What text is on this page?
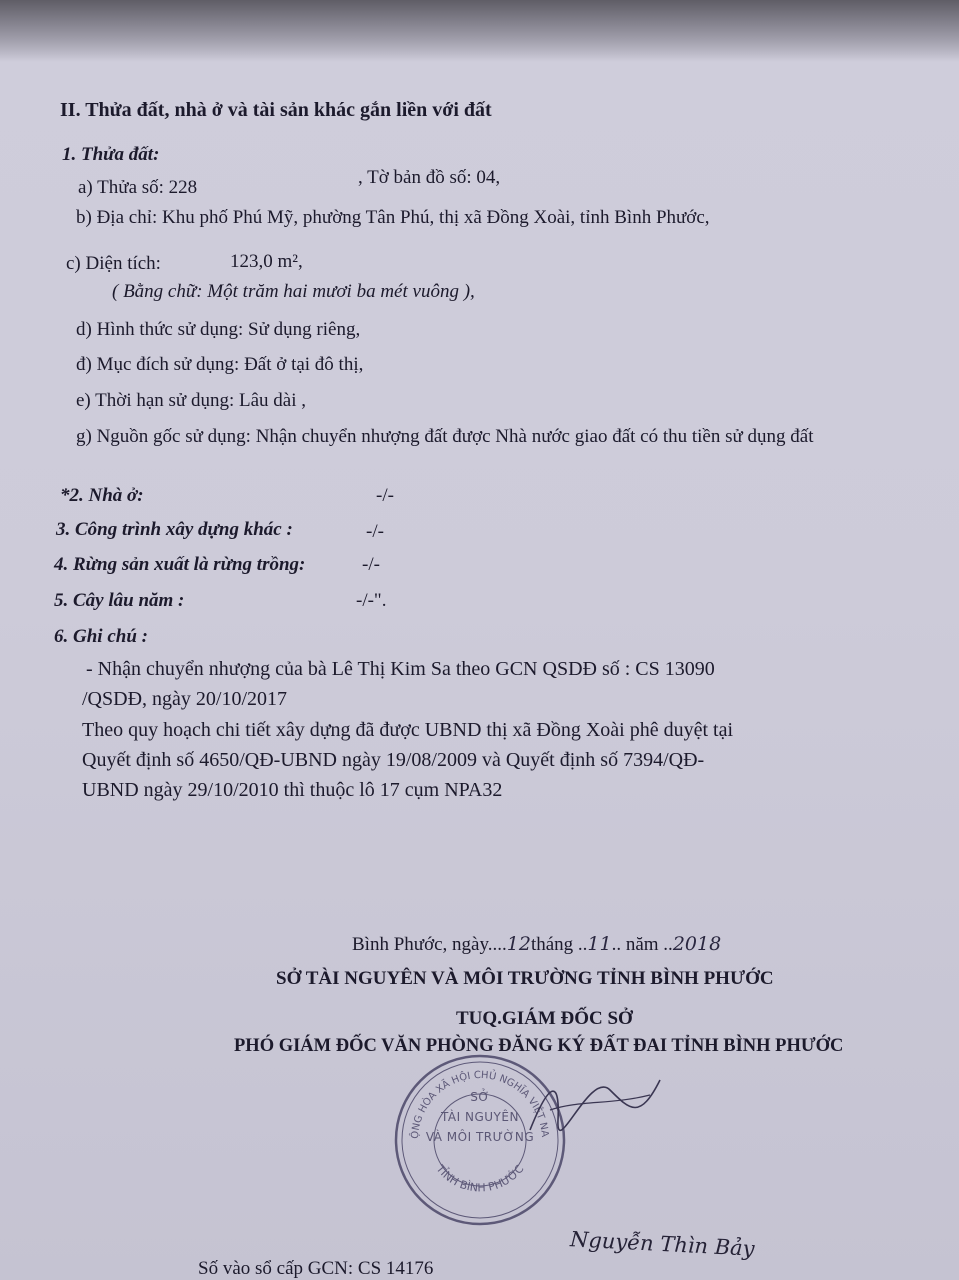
II. Thửa đất, nhà ở và tài sản khác gắn liền với đất
1. Thửa đất:
a) Thửa số: 228	, Tờ bản đồ số: 04,
b) Địa chỉ: Khu phố Phú Mỹ, phường Tân Phú, thị xã Đồng Xoài, tỉnh Bình Phước,
c) Diện tích:	123,0 m²,
( Bằng chữ: Một trăm hai mươi ba mét vuông ),
d) Hình thức sử dụng: Sử dụng riêng,
đ) Mục đích sử dụng: Đất ở tại đô thị,
e) Thời hạn sử dụng: Lâu dài ,
g) Nguồn gốc sử dụng: Nhận chuyển nhượng đất được Nhà nước giao đất có thu tiền sử dụng đất
*2. Nhà ở:	-/-
3. Công trình xây dựng khác :	-/-
4. Rừng sản xuất là rừng trồng:	-/-
5. Cây lâu năm :	-/-".
6. Ghi chú :
- Nhận chuyển nhượng của bà Lê Thị Kim Sa theo GCN QSDĐ số : CS 13090
/QSDĐ, ngày 20/10/2017
Theo quy hoạch chi tiết xây dựng đã được UBND thị xã Đồng Xoài phê duyệt tại
Quyết định số 4650/QĐ-UBND ngày 19/08/2009 và Quyết định số 7394/QĐ-
UBND ngày 29/10/2010 thì thuộc lô 17 cụm NPA32
Bình Phước, ngày....12tháng ..11.. năm ..2018
SỞ TÀI NGUYÊN VÀ MÔI TRƯỜNG TỈNH BÌNH PHƯỚC
TUQ.GIÁM ĐỐC SỞ
PHÓ GIÁM ĐỐC VĂN PHÒNG ĐĂNG KÝ ĐẤT ĐAI TỈNH BÌNH PHƯỚC
ỘNG HÒA XÃ HỘI CHỦ NGHĨA VIỆT NA
TỈNH BÌNH PHƯỚC
SỞ
TÀI NGUYÊN
VÀ MÔI TRƯỜNG
Nguyễn Thìn Bảy
Số vào sổ cấp GCN: CS 14176
